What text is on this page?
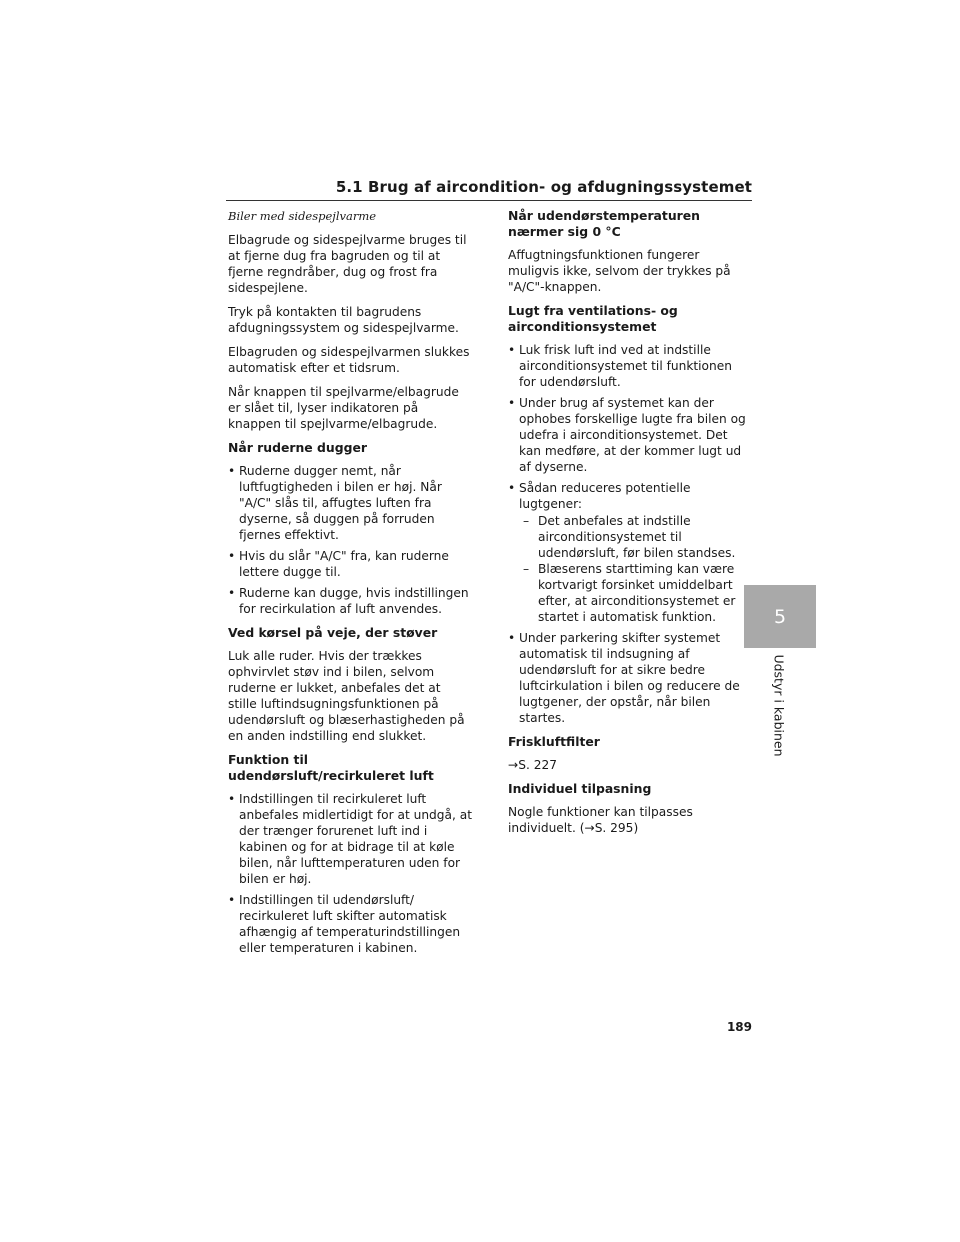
5.1 Brug af aircondition- og afdugningssystemet

Biler med sidespejlvarme

Elbagrude og sidespejlvarme bruges til at fjerne dug fra bagruden og til at fjerne regndråber, dug og frost fra sidespejlene.

Tryk på kontakten til bagrudens afdugningssystem og sidespejlvarme.

Elbagruden og sidespejlvarmen slukkes automatisk efter et tidsrum.

Når knappen til spejlvarme/elbagrude er slået til, lyser indikatoren på knappen til spejlvarme/elbagrude.

Når ruderne dugger
• Ruderne dugger nemt, når luftfugtigheden i bilen er høj. Når "A/C" slås til, affugtes luften fra dyserne, så duggen på forruden fjernes effektivt.
• Hvis du slår "A/C" fra, kan ruderne lettere dugge til.
• Ruderne kan dugge, hvis indstillingen for recirkulation af luft anvendes.
Ved kørsel på veje, der støver

Luk alle ruder. Hvis der trækkes ophvirvlet støv ind i bilen, selvom ruderne er lukket, anbefales det at stille luftindsugningsfunktionen på udendørsluft og blæserhastigheden på en anden indstilling end slukket.

Funktion til udendørsluft/recirkuleret luft
• Indstillingen til recirkuleret luft anbefales midlertidigt for at undgå, at der trænger forurenet luft ind i kabinen og for at bidrage til at køle bilen, når lufttemperaturen uden for bilen er høj.
• Indstillingen til udendørsluft/ recirkuleret luft skifter automatisk afhængig af temperaturindstillingen eller temperaturen i kabinen.
Når udendørstemperaturen nærmer sig 0 °C

Affugtningsfunktionen fungerer muligvis ikke, selvom der trykkes på "A/C"-knappen.

Lugt fra ventilations- og airconditionsystemet
• Luk frisk luft ind ved at indstille airconditionsystemet til funktionen for udendørsluft.
• Under brug af systemet kan der ophobes forskellige lugte fra bilen og udefra i airconditionsystemet. Det kan medføre, at der kommer lugt ud af dyserne.
• Sådan reduceres potentielle lugtgener:
– Det anbefales at indstille airconditionsystemet til udendørsluft, før bilen standses.
– Blæserens starttiming kan være kortvarigt forsinket umiddelbart efter, at airconditionsystemet er startet i automatisk funktion.
• Under parkering skifter systemet automatisk til indsugning af udendørsluft for at sikre bedre luftcirkulation i bilen og reducere de lugtgener, der opstår, når bilen startes.
Friskluftfilter

→S. 227

Individuel tilpasning

Nogle funktioner kan tilpasses individuelt. (→S. 295)

5
Udstyr i kabinen
189
